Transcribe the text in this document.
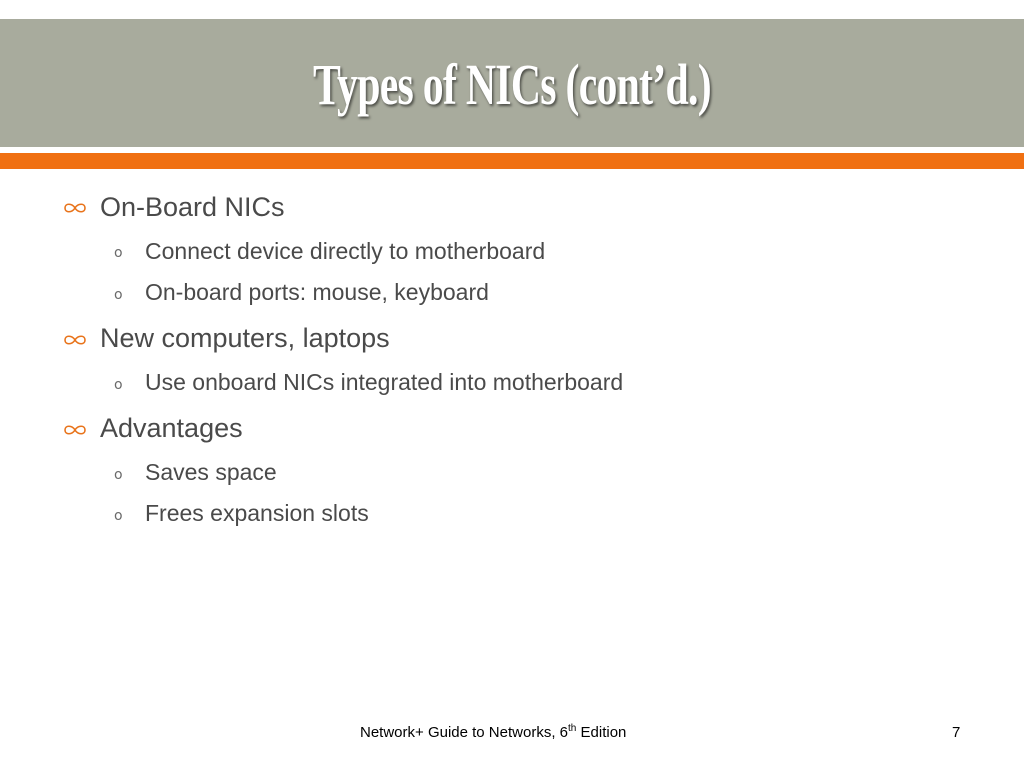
Types of NICs (cont’d.)
On-Board NICs
o Connect device directly to motherboard
o On-board ports: mouse, keyboard
New computers, laptops
o Use onboard NICs integrated into motherboard
Advantages
o Saves space
o Frees expansion slots
Network+ Guide to Networks, 6th Edition	7
